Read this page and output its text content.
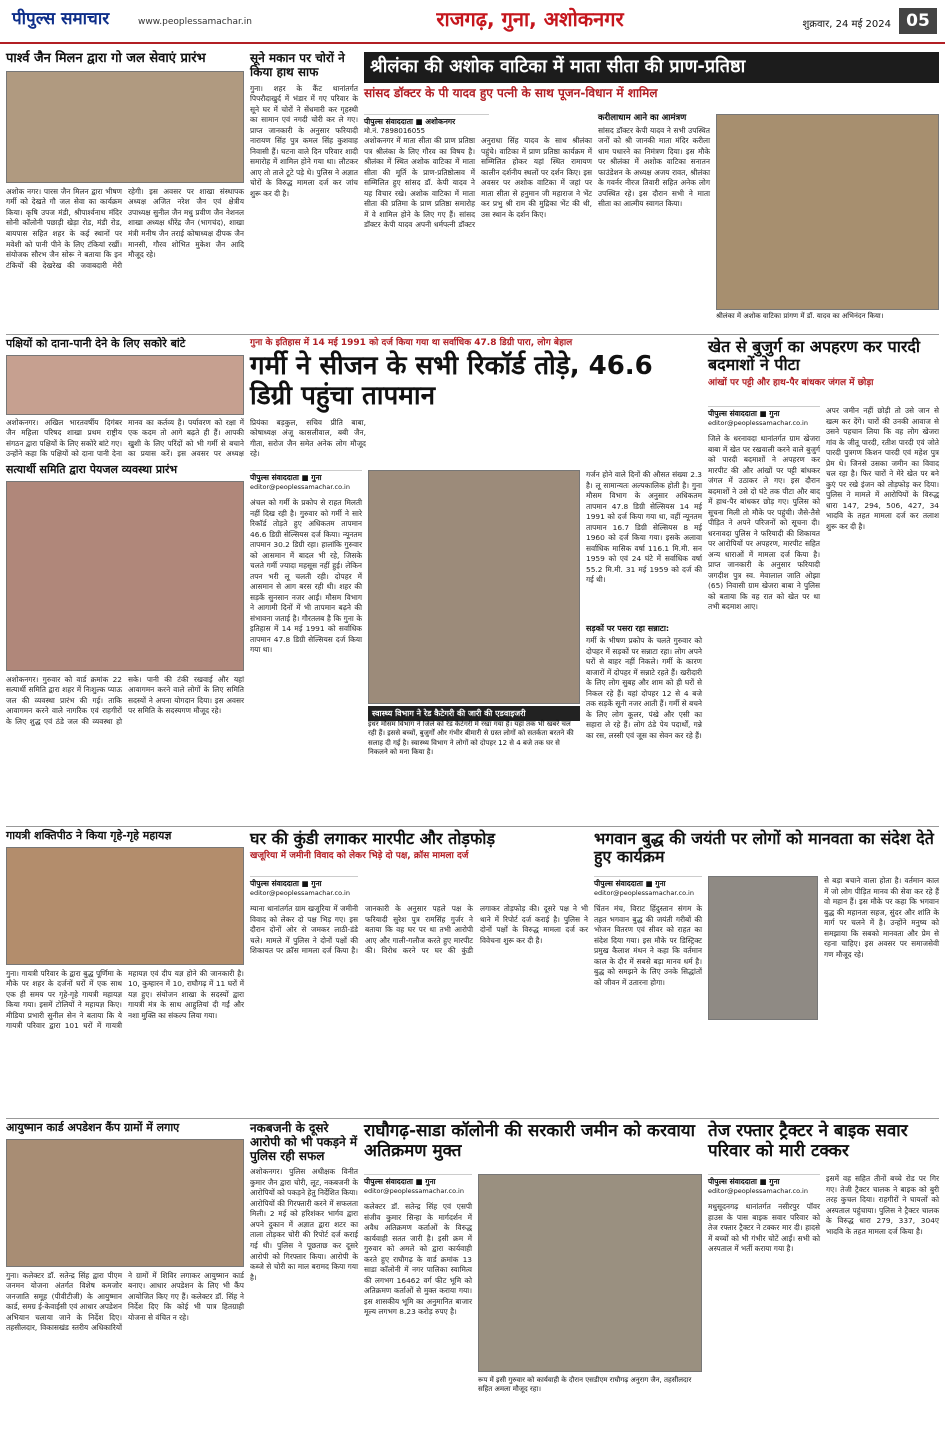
पीपुल्स समाचार	www.peoplessamachar.in	राजगढ़, गुना, अशोकनगर	शुक्रवार, 24 मई 2024 05
पार्श्व जैन मिलन द्वारा गो जल सेवाएं प्रारंभ
अशोक नगर। पारस जैन मिलन द्वारा भीषण गर्मी को देखते गौ जल सेवा का कार्यक्रम किया। कृषि उपज मंडी, श्रीपार्श्वनाथ मंदिर सोनी कॉलोनी पछाड़ी खेड़ा रोड, मंडी रोड, बायपास सहित शहर के कई स्थानों पर मवेशी को पानी पीने के लिए टंकियां रखीं। संयोजक सौरभ जैन सोरू ने बताया कि इन टंकियों की देखरेख की जवाबदारी मेरी रहेगी। इस अवसर पर शाखा संस्थापक अध्यक्ष अजित नरेश जैन एवं क्षेत्रीय उपाध्यक्ष सुनील जैन मधु प्रवीण जैन नेशनल शाखा अध्यक्ष धीरेंद्र जैन (भागचंद), शाखा मंत्री मनीष जैन तराई कोषाध्यक्ष दीपक जैन मानसी, गौरव शोभित मुकेश जैन आदि मौजूद रहे।
सूने मकान पर चोरों ने किया हाथ साफ
गुना। शहर के कैंट थानांतर्गत पिपरौदाखुर्द में भंडार में गए परिवार के सूने घर में चोरों ने सेंधमारी कर गृहस्थी का सामान एवं नगदी चोरी कर ले गए। प्राप्त जानकारी के अनुसार फरियादी नारायण सिंह पुत्र कमल सिंह कुशवाह निवासी हैं। घटना वाले दिन परिवार शादी समारोह में शामिल होने गया था। लौटकर आए तो ताले टूटे पड़े थे। पुलिस ने अज्ञात चोरों के विरुद्ध मामला दर्ज कर जांच शुरू कर दी है।
श्रीलंका की अशोक वाटिका में माता सीता की प्राण-प्रतिष्ठा
सांसद डॉक्टर के पी यादव हुए पत्नी के साथ पूजन-विधान में शामिल
पीपुल्स संवाददाता ■ अशोकनगर
मो.नं. 7898016055
अशोकनगर में माता सीता की प्राण प्रतिष्ठा पत्र श्रीलंका के लिए गौरव का विषय है। श्रीलंका में स्थित अशोक वाटिका में माता सीता की मूर्ति के प्राण-प्रतिष्ठोत्सव में सम्मिलित हुए सांसद डॉ. केपी यादव ने यह विचार रखे। अशोक वाटिका में माता सीता की प्रतिमा के प्राण प्रतिष्ठा समारोह में वे शामिल होने के लिए गए हैं। सांसद डॉक्टर केपी यादव अपनी धर्मपत्नी डॉक्टर अनुराधा सिंह यादव के साथ श्रीलंका पहुंचे। वाटिका में प्राण प्रतिष्ठा कार्यक्रम में सम्मिलित होकर यहां स्थित रामायण कालीन दर्शनीय स्थलों पर दर्शन किए। इस अवसर पर अशोक वाटिका में जहां पर माता सीता से हनुमान जी महाराज ने भेंट कर प्रभु श्री राम की मुद्रिका भेंट की थी, उस स्थान के दर्शन किए।
करीलाधाम आने का आमंत्रण
सांसद डॉक्टर केपी यादव ने सभी उपस्थित जनों को श्री जानकी माता मंदिर करीला धाम पधारने का निमंत्रण दिया। इस मौके पर श्रीलंका में अशोक वाटिका सनातन फाउंडेशन के अध्यक्ष अजय रावत, श्रीलंका के गवर्नर नीरज तिवारी सहित अनेक लोग उपस्थित रहे। इस दौरान सभी ने माता सीता का आत्मीय स्वागत किया।
श्रीलंका में अशोक वाटिका प्रांगण में डॉ. यादव का अभिनंदन किया।
पक्षियों को दाना-पानी देने के लिए सकोरे बांटे
अशोकनगर। अखिल भारतवर्षीय दिगंबर जैन महिला परिषद शाखा प्रथम राष्ट्रीय संगठन द्वारा पक्षियों के लिए सकोरे बांटे गए। उन्होंने कहा कि पक्षियों को दाना पानी देना मानव का कर्तव्य है। पर्यावरण को रक्षा में एक कदम तो आगे बढ़ते ही हैं। आपकी खुशी के लिए परिंदों को भी गर्मी से बचाने का प्रयास करें। इस अवसर पर अध्यक्ष प्रियंका बड़कुल, सचिव प्रीति बाबा, कोषाध्यक्ष अंजू कासलीवाल, बबी जैन, गीता, सरोज जैन समेत अनेक लोग मौजूद रहे।
सत्यार्थी समिति द्वारा पेयजल व्यवस्था प्रारंभ
अशोकनगर। गुरुवार को वार्ड क्रमांक 22 सत्यार्थी समिति द्वारा शहर में निःशुल्क प्याऊ जल की व्यवस्था प्रारंभ की गई। ताकि आवागमन करने वाले नागरिक एवं राहगीरों के लिए शुद्ध एवं ठंडे जल की व्यवस्था हो सके। पानी की टंकी रखवाई और यहां आवागमन करने वाले लोगों के लिए समिति सदस्यों ने अपना योगदान दिया। इस अवसर पर समिति के सदस्यगण मौजूद रहे।
गुना के इतिहास में 14 मई 1991 को दर्ज किया गया था सर्वाधिक 47.8 डिग्री पारा, लोग बेहाल
गर्मी ने सीजन के सभी रिकॉर्ड तोड़े, 46.6 डिग्री पहुंचा तापमान
पीपुल्स संवाददाता ■ गुना
editor@peoplessamachar.co.in
अंचल को गर्मी के प्रकोप से राहत मिलती नहीं दिख रही है। गुरुवार को गर्मी ने सारे रिकॉर्ड तोड़ते हुए अधिकतम तापमान 46.6 डिग्री सेल्सियस दर्ज किया। न्यूनतम तापमान 30.2 डिग्री रहा। हालांकि गुरुवार को आसमान में बादल भी रहे, जिसके चलते गर्मी ज्यादा महसूस नहीं हुई। लेकिन तपन भरी लू चलती रही। दोपहर में आसमान से आग बरस रही थी। शहर की सड़कें सुनसान नजर आईं। मौसम विभाग ने आगामी दिनों में भी तापमान बढ़ने की संभावना जताई है। गौरतलब है कि गुना के इतिहास में 14 मई 1991 को सर्वाधिक तापमान 47.8 डिग्री सेल्सियस दर्ज किया गया था।
स्वास्थ्य विभाग ने रेड कैटेगरी की जारी की एडवाइजरी
इधर मौसम विभाग ने जिले को रेड कैटेगरी में रखा गया है। यहां तक भी खबरें चल रही हैं। इससे बच्चों, बुजुर्गों और गंभीर बीमारी से ग्रस्त लोगों को सतर्कता बरतने की सलाह दी गई है। स्वास्थ्य विभाग ने लोगों को दोपहर 12 से 4 बजे तक घर से निकलने को मना किया है।
गर्जन होने वाले दिनों की औसत संख्या 2.3 है। लू सामान्यतः अल्पकालिक होती है। गुना मौसम विभाग के अनुसार अधिकतम तापमान 47.8 डिग्री सेल्सियस 14 मई 1991 को दर्ज किया गया था, वहीं न्यूनतम तापमान 16.7 डिग्री सेल्सियस 8 मई 1960 को दर्ज किया गया। इसके अलावा सर्वाधिक मासिक वर्षा 116.1 मि.मी. सन 1959 को एवं 24 घंटे में सर्वाधिक वर्षा 55.2 मि.मी. 31 मई 1959 को दर्ज की गई थी।
सड़कों पर पसरा रहा सन्नाटा:
गर्मी के भीषण प्रकोप के चलते गुरुवार को दोपहर में सड़कों पर सन्नाटा रहा। लोग अपने घरों से बाहर नहीं निकले। गर्मी के कारण बाजारों में दोपहर में सन्नाटे रहते हैं। खरीदारी के लिए लोग सुबह और शाम को ही घरों से निकल रहे हैं। यहां दोपहर 12 से 4 बजे तक सड़कें सूनी नजर आती हैं। गर्मी से बचने के लिए लोग कूलर, पंखे और एसी का सहारा ले रहे हैं। लोग ठंडे पेय पदार्थों, गन्ने का रस, लस्सी एवं जूस का सेवन कर रहे हैं।
खेत से बुजुर्ग का अपहरण कर पारदी बदमाशों ने पीटा
आंखों पर पट्टी और हाथ-पैर बांधकर जंगल में छोड़ा
पीपुल्स संवाददाता ■ गुना
editor@peoplessamachar.co.in
जिले के धरनावदा थानांतर्गत ग्राम खेजरा बाबा में खेत पर रखवाली करने वाले बुजुर्ग को पारदी बदमाशों ने अपहरण कर मारपीट की और आंखों पर पट्टी बांधकर जंगल में उठाकर ले गए। इस दौरान बदमाशों ने उसे दो घंटे तक पीटा और बाद में हाथ-पैर बांधकर छोड़ गए। पुलिस को सूचना मिली तो मौके पर पहुंची। जैसे-तैसे पीड़ित ने अपने परिजनों को सूचना दी। धरनावदा पुलिस ने फरियादी की शिकायत पर आरोपियों पर अपहरण, मारपीट सहित अन्य धाराओं में मामला दर्ज किया है। प्राप्त जानकारी के अनुसार फरियादी जगदीश पुत्र स्व. मेवालाल जाति ओझा (65) निवासी ग्राम खेजरा बाबा ने पुलिस को बताया कि वह रात को खेत पर था तभी बदमाश आए।
अपर जमीन नहीं छोड़ी तो उसे जान से खत्म कर देंगे। चारों की उनकी आवाज से उसने पहचान लिया कि वह लोग खेजरा गांव के जीतू पारदी, रतीश पारदी एवं जोते पारदी पुत्रगण किशन पारदी एवं महेश पुत्र प्रेम थे। जिनसे उसका जमीन का विवाद चल रहा है। फिर चारों ने मेरे खेत पर बने कुएं पर रखे इंजन को तोड़फोड़ कर दिया। पुलिस ने मामले में आरोपियों के विरुद्ध धारा 147, 294, 506, 427, 34 भादवि के तहत मामला दर्ज कर तलाश शुरू कर दी है।
गायत्री शक्तिपीठ ने किया गृहे-गृहे महायज्ञ
गुना। गायत्री परिवार के द्वारा बुद्ध पूर्णिमा के मौके पर शहर के दर्जनों घरों में एक साथ एक ही समय पर गृहे-गृहे गायत्री महायज्ञ किया गया। इसमें टोलियों ने महायज्ञ किए। मीडिया प्रभारी सुनील सेन ने बताया कि ये गायत्री परिवार द्वारा 101 घरों में गायत्री महायज्ञ एवं दीप यज्ञ होने की जानकारी है। 10, कुम्हारन में 10, राघौगढ़ में 11 घरों में यज्ञ हुए। संयोजन शाखा के सदस्यों द्वारा गायत्री मंत्र के साथ आहुतियां दी गईं और नशा मुक्ति का संकल्प लिया गया।
घर की कुंडी लगाकर मारपीट और तोड़फोड़
खजूरिया में जमीनी विवाद को लेकर भिड़े दो पक्ष, क्रॉस मामला दर्ज
पीपुल्स संवाददाता ■ गुना
editor@peoplessamachar.co.in
म्याना थानांतर्गत ग्राम खजूरिया में जमीनी विवाद को लेकर दो पक्ष भिड़ गए। इस दौरान दोनों ओर से जमकर लाठी-डंडे चले। मामले में पुलिस ने दोनों पक्षों की शिकायत पर क्रॉस मामला दर्ज किया है। जानकारी के अनुसार पहले पक्ष के फरियादी सुरेश पुत्र रामसिंह गुर्जर ने बताया कि वह घर पर था तभी आरोपी आए और गाली-गलौज करते हुए मारपीट की। विरोध करने पर घर की कुंडी लगाकर तोड़फोड़ की। दूसरे पक्ष ने भी थाने में रिपोर्ट दर्ज कराई है। पुलिस ने दोनों पक्षों के विरुद्ध मामला दर्ज कर विवेचना शुरू कर दी है।
भगवान बुद्ध की जयंती पर लोगों को मानवता का संदेश देते हुए कार्यक्रम
पीपुल्स संवाददाता ■ गुना
editor@peoplessamachar.co.in
चिंतन मंच, विराट हिंदुस्तान संगम के तहत भगवान बुद्ध की जयंती गरीबों की भोजन वितरण एवं सीवर को राहत का संदेश दिया गया। इस मौके पर डिस्ट्रिक्ट प्रमुख कैलाश मंथन ने कहा कि वर्तमान काल के दौर में सबसे बड़ा मानव धर्म है। बुद्ध को समझने के लिए उनके सिद्धांतों को जीवन में उतारना होगा।
से बड़ा बचाने वाला होता है। वर्तमान काल में जो लोग पीड़ित मानव की सेवा कर रहे हैं वो महान हैं। इस मौके पर कहा कि भगवान बुद्ध की महानता सहज, सुंदर और शांति के मार्ग पर चलने में है। उन्होंने मनुष्य को समझाया कि सबको मानवता और प्रेम से रहना चाहिए। इस अवसर पर समाजसेवी गण मौजूद रहे।
आयुष्मान कार्ड अपडेशन कैंप ग्रामों में लगाए
गुना। कलेक्टर डॉ. सतेन्द्र सिंह द्वारा पीएम जनमन योजना अंतर्गत विशेष कमजोर जनजाति समूह (पीवीटीजी) के आयुष्मान कार्ड, समग्र ई-केवाईसी एवं आधार अपडेशन अभियान चलाया जाने के निर्देश दिए। तहसीलदार, विकासखंड स्तरीय अधिकारियों ने ग्रामों में शिविर लगाकर आयुष्मान कार्ड बनाए। आधार अपडेशन के लिए भी कैंप आयोजित किए गए हैं। कलेक्टर डॉ. सिंह ने निर्देश दिए कि कोई भी पात्र हितग्राही योजना से वंचित न रहे।
नकबजनी के दूसरे आरोपी को भी पकड़ने में पुलिस रही सफल
अशोकनगर। पुलिस अधीक्षक विनीत कुमार जैन द्वारा चोरी, लूट, नकबजनी के आरोपियों को पकड़ने हेतु निर्देशित किया। आरोपियों की गिरफ्तारी करने में सफलता मिली। 2 मई को हरिशंकर भार्गव द्वारा अपने दुकान में अज्ञात द्वारा शटर का ताला तोड़कर चोरी की रिपोर्ट दर्ज कराई गई थी। पुलिस ने पूछताछ कर दूसरे आरोपी को गिरफ्तार किया। आरोपी के कब्जे से चोरी का माल बरामद किया गया है।
राघौगढ़-साडा कॉलोनी की सरकारी जमीन को करवाया अतिक्रमण मुक्त
पीपुल्स संवाददाता ■ गुना
editor@peoplessamachar.co.in
कलेक्टर डॉ. सतेन्द्र सिंह एवं एसपी संजीव कुमार सिन्हा के मार्गदर्शन में अवैध अतिक्रमण कर्ताओं के विरुद्ध कार्यवाही सतत जारी है। इसी क्रम में गुरुवार को अमले को द्वारा कार्यवाही करते हुए राघौगढ़ के वार्ड क्रमांक 13 साडा कॉलोनी में नगर पालिका स्वामित्व की लगभग 16462 वर्ग फीट भूमि को अतिक्रमण कर्ताओं से मुक्त कराया गया। इस शासकीय भूमि का अनुमानित बाजार मूल्य लगभग 8.23 करोड़ रुपए है।
रूप में इसी गुरुवार को कार्यवाही के दौरान एसडीएम राघौगढ़ अनुराग जैन, तहसीलदार सहित अमला मौजूद रहा।
तेज रफ्तार ट्रैक्टर ने बाइक सवार परिवार को मारी टक्कर
पीपुल्स संवाददाता ■ गुना
editor@peoplessamachar.co.in
मधुसूदनगढ़ थानांतर्गत नसीरपुर पॉवर हाउस के पास बाइक सवार परिवार को तेज रफ्तार ट्रैक्टर ने टक्कर मार दी। हादसे में बच्चों को भी गंभीर चोटें आईं। सभी को अस्पताल में भर्ती कराया गया है।
इसमें वह सहित तीनों बच्चे रोड पर गिर गए। तेजी ट्रैक्टर चालक ने बाइक को बुरी तरह कुचल दिया। राहगीरों ने घायलों को अस्पताल पहुंचाया। पुलिस ने ट्रैक्टर चालक के विरुद्ध धारा 279, 337, 304ए भादवि के तहत मामला दर्ज किया है।
